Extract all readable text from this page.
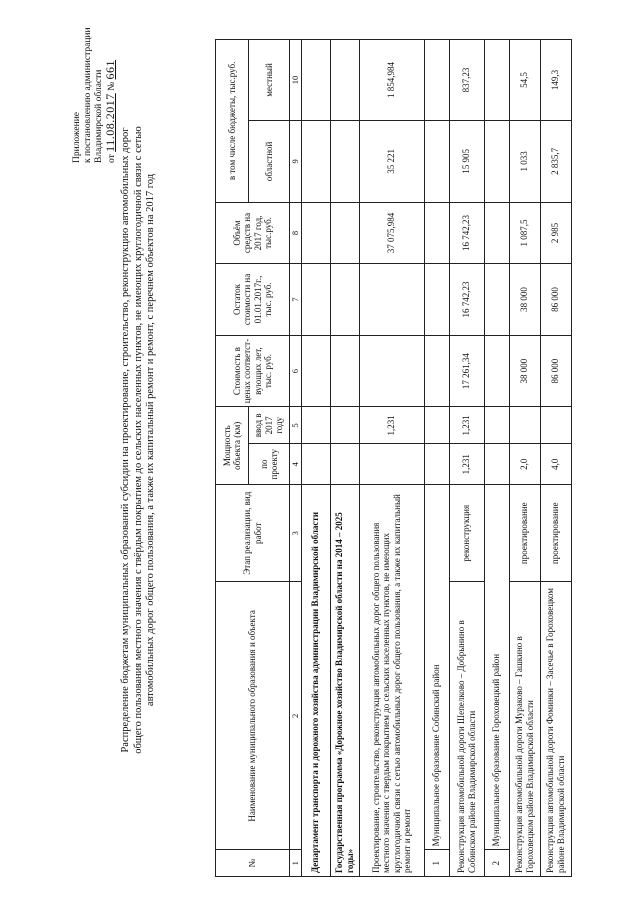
Приложение к постановлению администрации Владимирской области от 11.08.2017 № 661
Распределение бюджетам муниципальных образований субсидии на проектирование, строительство, реконструкцию автомобильных дорог общего пользования местного значения с твёрдым покрытием до сельских населенных пунктов, не имеющих круглогодичной связи с сетью автомобильных дорог общего пользования, а также их капитальный ремонт и ремонт, с перечнем объектов на 2017 год
№	Наименование муниципального образования и объекта	Этап реализации, вид работ	Мощность объекта (км)		Стоимость в ценах соответст-вующих лет, тыс. руб.	Остаток стоимости на 01.01.2017г., тыс. руб.	Объём средств на 2017 год, тыс.руб.	в том числе бюджеты, тыс.руб.	
			по проекту	ввод в 2017 году				областной	местный
1	2	3	4	5	6	7	8	9	10
Департамент транспорта и дорожного хозяйства администрации Владимирской области									
Государственная программа «Дорожное хозяйство Владимирской области на 2014 – 2025 годы»									
Проектирование, строительство, реконструкция автомобильных дорог общего пользования местного значения с твердым покрытием до сельских населенных пунктов, не имеющих круглогодичной связи с сетью автомобильных дорог общего пользования, а также их капитальный ремонт и ремонт				1,231			37 075,984	35 221	1 854,984
1	Муниципальное образование Собинский район								
Реконструкция автомобильной дороги Шепелково – Добрынино в Собинском районе Владимирской области		реконструкция	1,231	1,231	17 261,34	16 742,23	16 742,23	15 905	837,23
2	Муниципальное образование Гороховецкий район								
Реконструкция автомобильной дороги Мураково – Гашкино в Гороховецком районе Владимирской области		проектирование	2,0		38 000	38 000	1 087,5	1 033	54,5
Реконструкция автомобильной дороги Фоминки – Засечье в Гороховецком районе Владимирской области		проектирование	4,0		86 000	86 000	2 985	2 835,7	149,3
